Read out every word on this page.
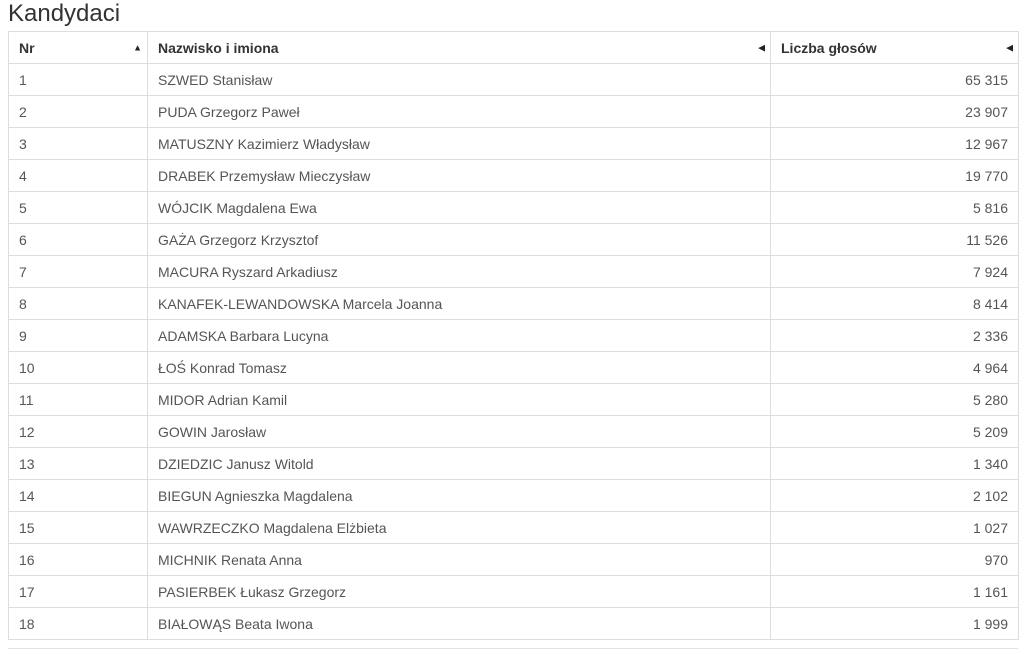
Kandydaci
Nr ▲	Nazwisko i imiona ◀	Liczba głosów ◀

1	SZWED Stanisław	65 315
2	PUDA Grzegorz Paweł	23 907
3	MATUSZNY Kazimierz Władysław	12 967
4	DRABEK Przemysław Mieczysław	19 770
5	WÓJCIK Magdalena Ewa	5 816
6	GAŻA Grzegorz Krzysztof	11 526
7	MACURA Ryszard Arkadiusz	7 924
8	KANAFEK-LEWANDOWSKA Marcela Joanna	8 414
9	ADAMSKA Barbara Lucyna	2 336
10	ŁOŚ Konrad Tomasz	4 964
11	MIDOR Adrian Kamil	5 280
12	GOWIN Jarosław	5 209
13	DZIEDZIC Janusz Witold	1 340
14	BIEGUN Agnieszka Magdalena	2 102
15	WAWRZECZKO Magdalena Elżbieta	1 027
16	MICHNIK Renata Anna	970
17	PASIERBEK Łukasz Grzegorz	1 161
18	BIAŁOWĄS Beata Iwona	1 999
